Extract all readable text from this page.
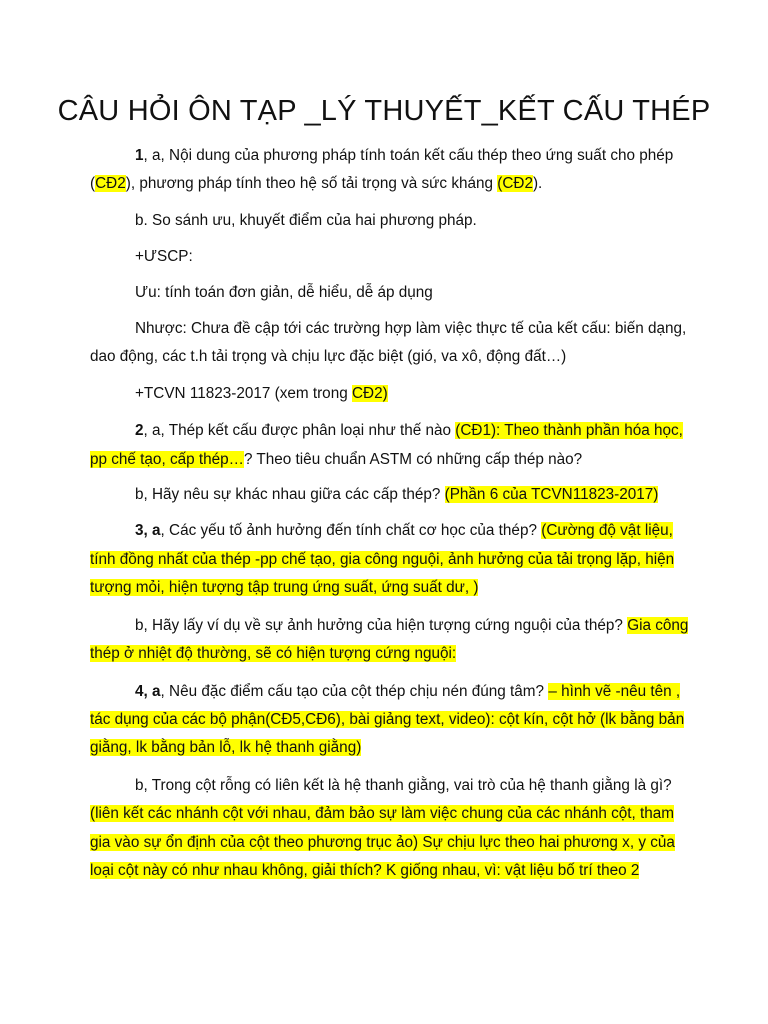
CÂU HỎI ÔN TẠP _LÝ THUYẾT_KẾT CẤU THÉP
1, a, Nội dung của phương pháp tính toán kết cấu thép theo ứng suất cho phép
(CĐ2), phương pháp tính theo hệ số tải trọng và sức kháng (CĐ2).
b. So sánh ưu, khuyết điểm của hai phương pháp.
+ƯSCP:
Ưu: tính toán đơn giản, dễ hiểu, dễ áp dụng
Nhược: Chưa đề cập tới các trường hợp làm việc thực tế của kết cấu: biến dạng,
dao động, các t.h tải trọng và chịu lực đặc biệt (gió, va xô, động đất…)
+TCVN 11823-2017 (xem trong CĐ2)
2, a, Thép kết cấu được phân loại như thế nào (CĐ1): Theo thành phần hóa học,
pp chế tạo, cấp thép…? Theo tiêu chuẩn ASTM có những cấp thép nào?
b, Hãy nêu sự khác nhau giữa các cấp thép? (Phần 6 của TCVN11823-2017)
3, a, Các yếu tố ảnh hưởng đến tính chất cơ học của thép? (Cường độ vật liệu,
tính đồng nhất của thép -pp chế tạo, gia công nguội, ảnh hưởng của tải trọng lặp, hiện
tượng mỏi, hiện tượng tập trung ứng suất, ứng suất dư, )
b, Hãy lấy ví dụ về sự ảnh hưởng của hiện tượng cứng nguội của thép? Gia công
thép ở nhiệt độ thường, sẽ có hiện tượng cứng nguội:
4, a, Nêu đặc điểm cấu tạo của cột thép chịu nén đúng tâm? – hình vẽ -nêu tên ,
tác dụng của các bộ phận(CĐ5,CĐ6), bài giảng text, video): cột kín, cột hở (lk bằng bản
giằng, lk bằng bản lỗ, lk hệ thanh giằng)
b, Trong cột rỗng có liên kết là hệ thanh giằng, vai trò của hệ thanh giằng là gì?
(liên kết các nhánh cột với nhau, đảm bảo sự làm việc chung của các nhánh cột, tham
gia vào sự ổn định của cột theo phương trục ảo) Sự chịu lực theo hai phương x, y của
loại cột này có như nhau không, giải thích? K giống nhau, vì: vật liệu bố trí theo 2
